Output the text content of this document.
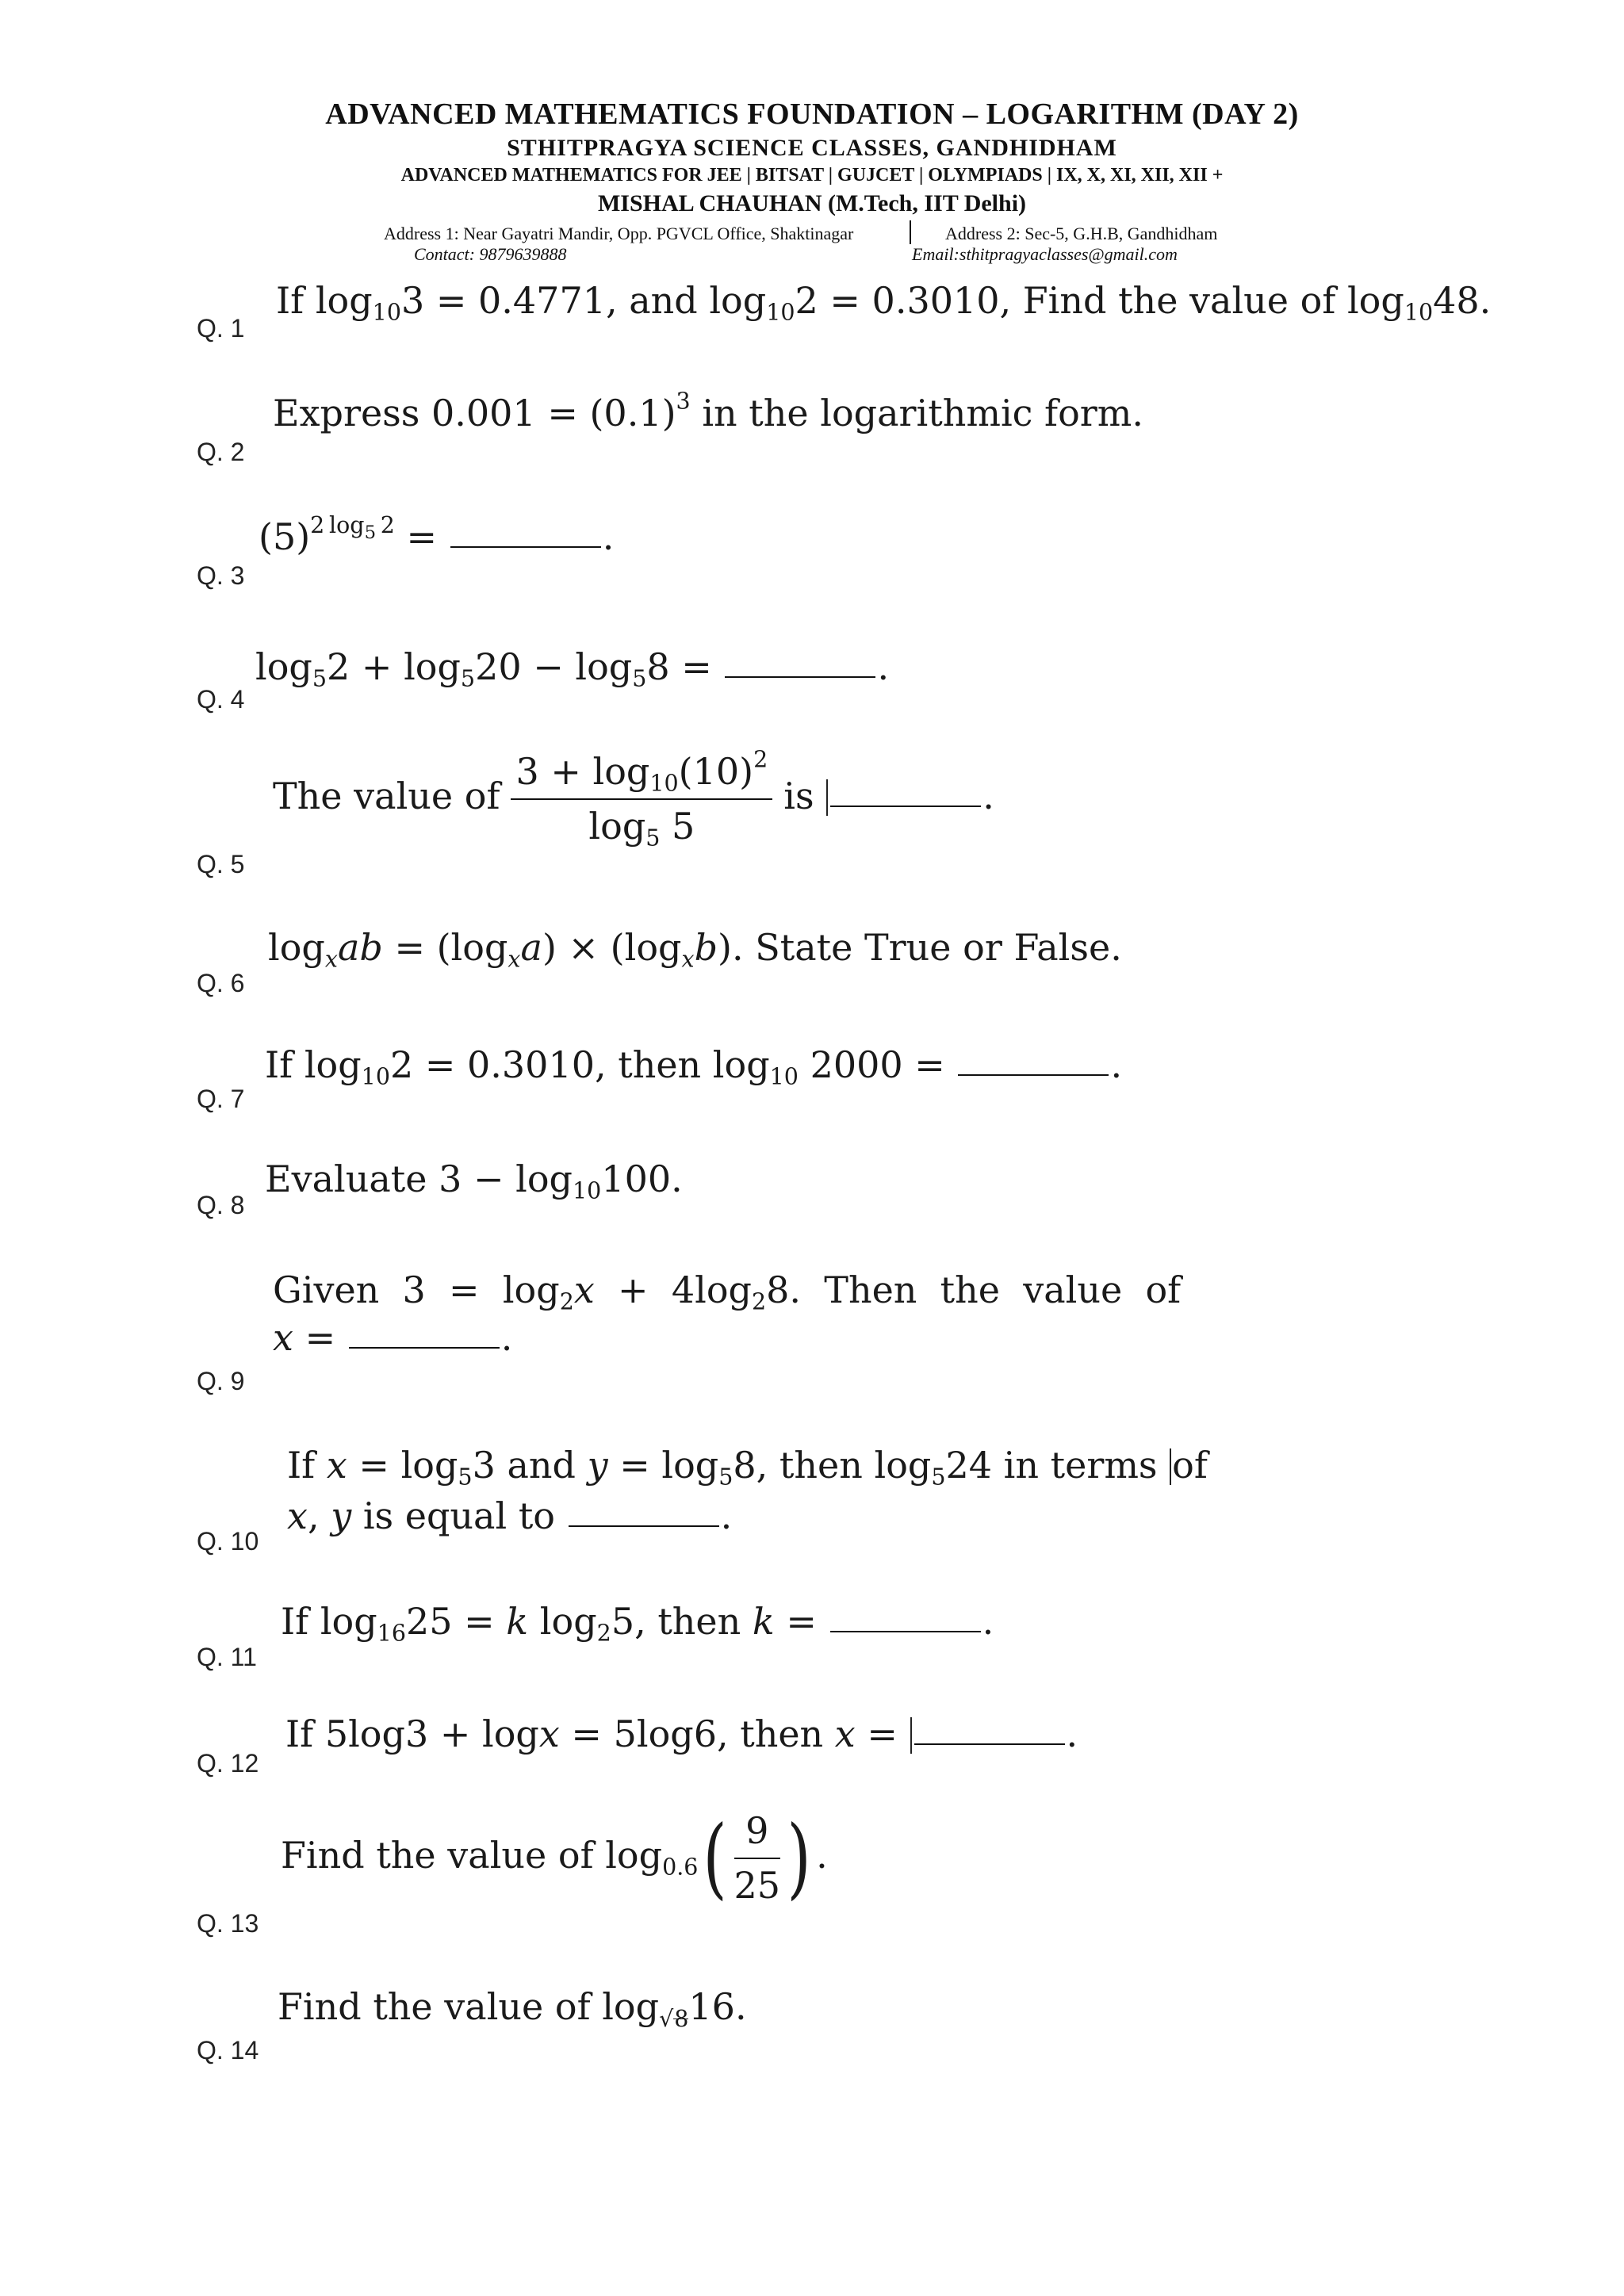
ADVANCED MATHEMATICS FOUNDATION – LOGARITHM (DAY 2)
STHITPRAGYA SCIENCE CLASSES, GANDHIDHAM
ADVANCED MATHEMATICS FOR JEE | BITSAT | GUJCET | OLYMPIADS | IX, X, XI, XII, XII +
MISHAL CHAUHAN (M.Tech, IIT Delhi)
Address 1: Near Gayatri Mandir, Opp. PGVCL Office, Shaktinagar	Address 2: Sec-5, G.H.B, Gandhidham
Contact: 9879639888	Email:sthitpragyaclasses@gmail.com
Q. 1
If $\log_{10}3 = 0.4771$, and $\log_{10}2 = 0.3010$, Find the value of $\log_{10}48$.
Q. 2
Express $0.001 = (0.1)^3$ in the logarithmic form.
Q. 3
$(5)^{2 log_5 2}$ =	.
Q. 4
$\log_52 + \log_520 - \log_58$ =	.
Q. 5
The value of $\frac{3 + \log_{10}(10)^2}{\log_5 5}$ is	.
Q. 6
$\log_xab = (\log_xa) \times (\log_xb)$. State True or False.
Q. 7
If $\log_{10}2 = 0.3010$, then $\log_{10} 2000$ =	.
Q. 8
Evaluate $3 - \log_{10}100$.
Q. 9
Given  $3 = \log_2x + 4\log_28$.  Then  the  value  of
x =	.
Q. 10
If $x = \log_53$ and $y = \log_58$, then $\log_524$ in terms of
x, y is equal to	.
Q. 11
If $\log_{16}25 = k$ $\log_25$, then k =	.
Q. 12
If 5log3 + logx = 5log6, then x =	.
Q. 13
Find the value of $\log_{0.6}( \frac{9}{25}$ ) .
Q. 14
Find the value of $\log_{√8}16$.
